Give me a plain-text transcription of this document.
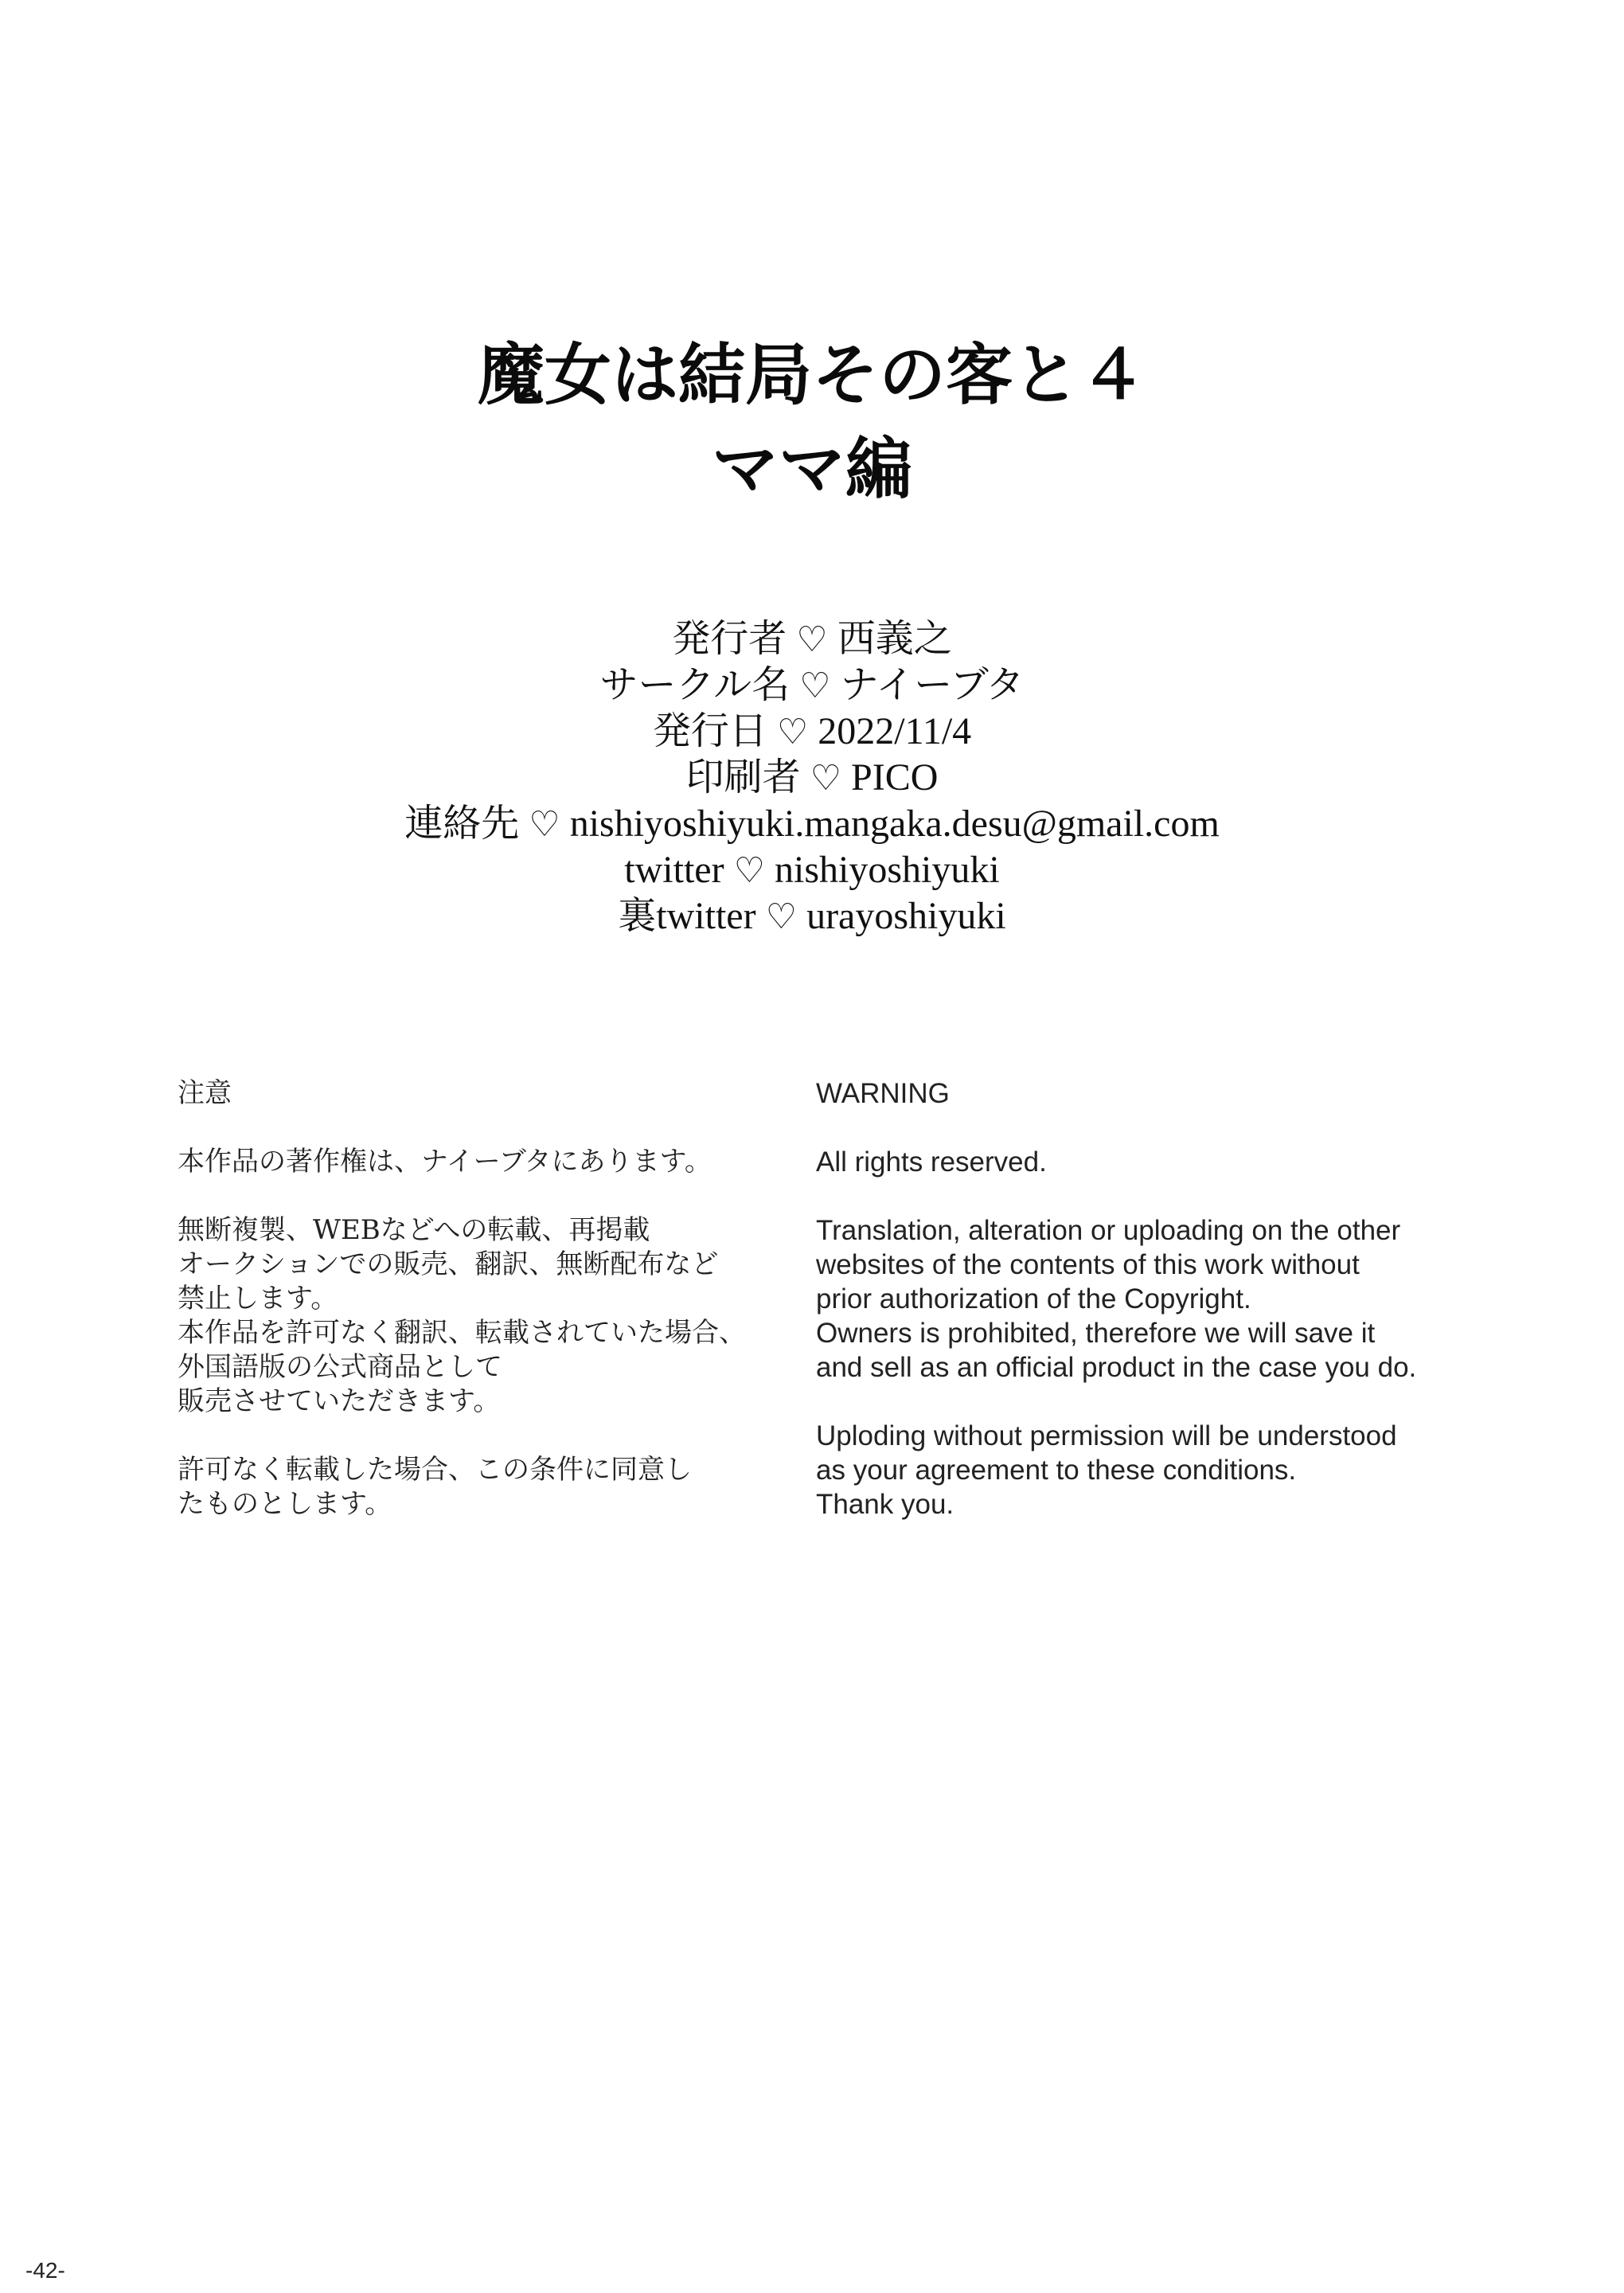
魔女は結局その客と４
ママ編
発行者 ♡ 西義之
サークル名 ♡ ナイーブタ
発行日 ♡ 2022/11/4
印刷者 ♡ PICO
連絡先 ♡ nishiyoshiyuki.mangaka.desu@gmail.com
twitter ♡ nishiyoshiyuki
裏twitter ♡ urayoshiyuki
注意
本作品の著作権は、ナイーブタにあります。
無断複製、WEBなどへの転載、再掲載
オークションでの販売、翻訳、無断配布など
禁止します。
本作品を許可なく翻訳、転載されていた場合、
外国語版の公式商品として
販売させていただきます。
許可なく転載した場合、この条件に同意し
たものとします。
WARNING
All rights reserved.
Translation, alteration or uploading on the other
websites of the contents of this work without
prior authorization of the Copyright.
Owners is prohibited, therefore we will save it
and sell as an official product in the case you do.
Uploding without permission will be understood
as your agreement to these conditions.
Thank you.
-42-
